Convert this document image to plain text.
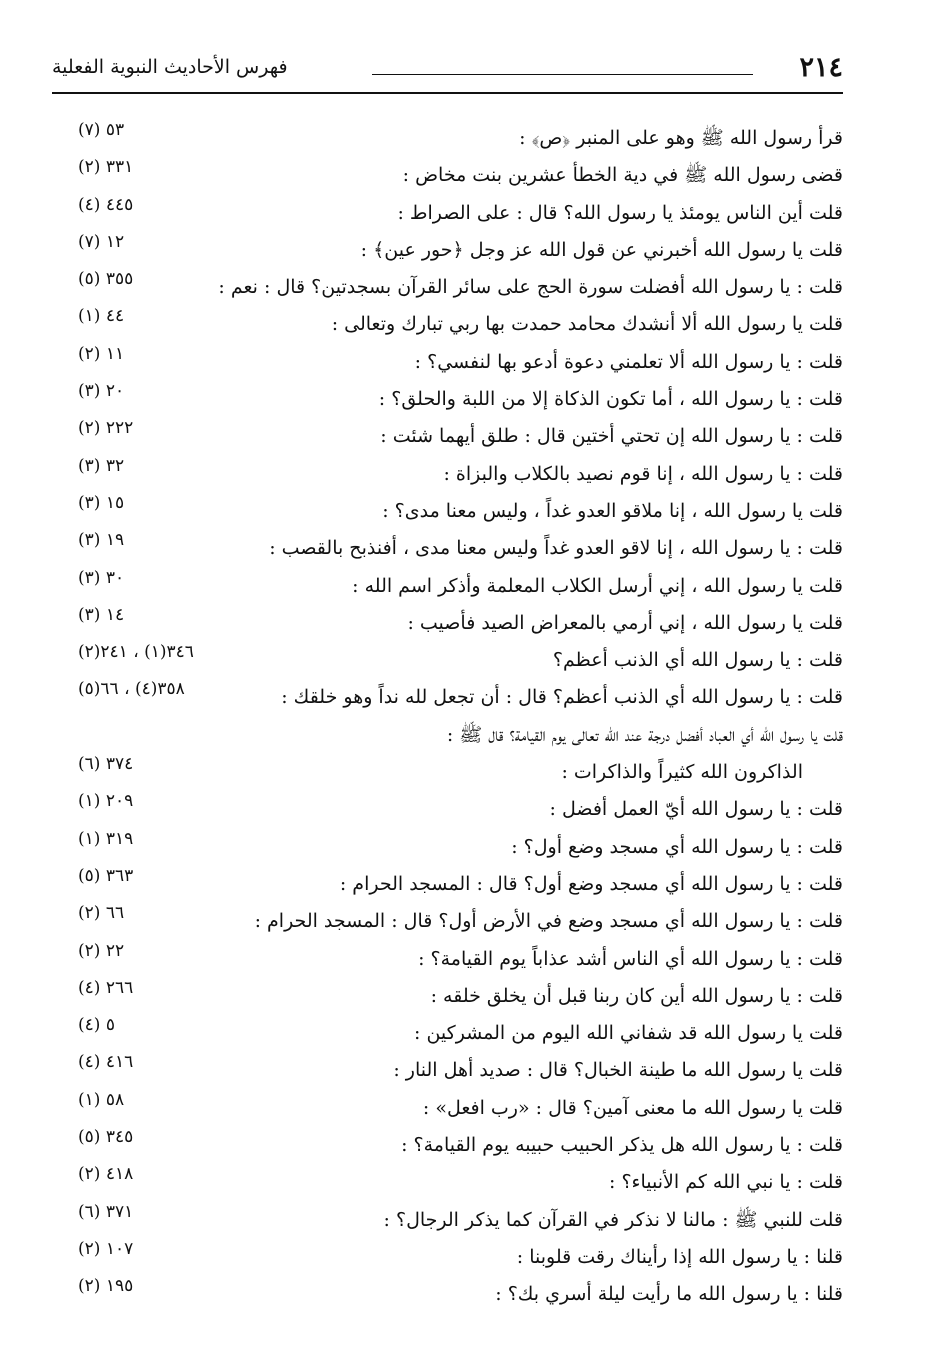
٢١٤
فهرس الأحاديث النبوية الفعلية
قرأ رسول الله ﷺ وهو على المنبر ﴿ص﴾ :
٥٣ (٧)
قضى رسول الله ﷺ في دية الخطأ عشرين بنت مخاض :
٣٣١ (٢)
قلت أين الناس يومئذ يا رسول الله؟ قال : على الصراط :
٤٤٥ (٤)
قلت يا رسول الله أخبرني عن قول الله عز وجل ﴿حور عين﴾ :
١٢ (٧)
قلت : يا رسول الله أفضلت سورة الحج على سائر القرآن بسجدتين؟ قال : نعم :
٣٥٥ (٥)
قلت يا رسول الله ألا أنشدك محامد حمدت بها ربي تبارك وتعالى :
٤٤ (١)
قلت : يا رسول الله ألا تعلمني دعوة أدعو بها لنفسي؟ :
١١ (٢)
قلت : يا رسول الله ، أما تكون الذكاة إلا من اللبة والحلق؟ :
٢٠ (٣)
قلت : يا رسول الله إن تحتي أختين قال : طلق أيهما شئت :
٢٢٢ (٢)
قلت : يا رسول الله ، إنا قوم نصيد بالكلاب والبزاة :
٣٢ (٣)
قلت يا رسول الله ، إنا ملاقو العدو غداً ، وليس معنا مدى؟ :
١٥ (٣)
قلت : يا رسول الله ، إنا لاقو العدو غداً وليس معنا مدى ، أفنذبح بالقصب :
١٩ (٣)
قلت يا رسول الله ، إني أرسل الكلاب المعلمة وأذكر اسم الله :
٣٠ (٣)
قلت يا رسول الله ، إني أرمي بالمعراض الصيد فأصيب :
١٤ (٣)
قلت : يا رسول الله أي الذنب أعظم؟
٣٤٦(١) ، ٢٤١(٢)
قلت : يا رسول الله أي الذنب أعظم؟ قال : أن تجعل لله نداً وهو خلقك :
٣٥٨(٤) ، ٦٦(٥)
قلت يا رسول الله أي العباد أفضل درجة عند الله تعالى يوم القيامة؟ قال ﷺ :
الذاكرون الله كثيراً والذاكرات :
٣٧٤ (٦)
قلت : يا رسول الله أيّ العمل أفضل :
٢٠٩ (١)
قلت : يا رسول الله أي مسجد وضع أول؟ :
٣١٩ (١)
قلت : يا رسول الله أي مسجد وضع أول؟ قال : المسجد الحرام :
٣٦٣ (٥)
قلت : يا رسول الله أي مسجد وضع في الأرض أول؟ قال : المسجد الحرام :
٦٦ (٢)
قلت : يا رسول الله أي الناس أشد عذاباً يوم القيامة؟ :
٢٢ (٢)
قلت : يا رسول الله أين كان ربنا قبل أن يخلق خلقه :
٢٦٦ (٤)
قلت يا رسول الله قد شفاني الله اليوم من المشركين :
٥ (٤)
قلت يا رسول الله ما طينة الخبال؟ قال : صديد أهل النار :
٤١٦ (٤)
قلت يا رسول الله ما معنى آمين؟ قال : «رب افعل» :
٥٨ (١)
قلت : يا رسول الله هل يذكر الحبيب حبيبه يوم القيامة؟ :
٣٤٥ (٥)
قلت : يا نبي الله كم الأنبياء؟ :
٤١٨ (٢)
قلت للنبي ﷺ : مالنا لا نذكر في القرآن كما يذكر الرجال؟ :
٣٧١ (٦)
قلنا : يا رسول الله إذا رأيناك رقت قلوبنا :
١٠٧ (٢)
قلنا : يا رسول الله ما رأيت ليلة أسري بك؟ :
١٩٥ (٢)
